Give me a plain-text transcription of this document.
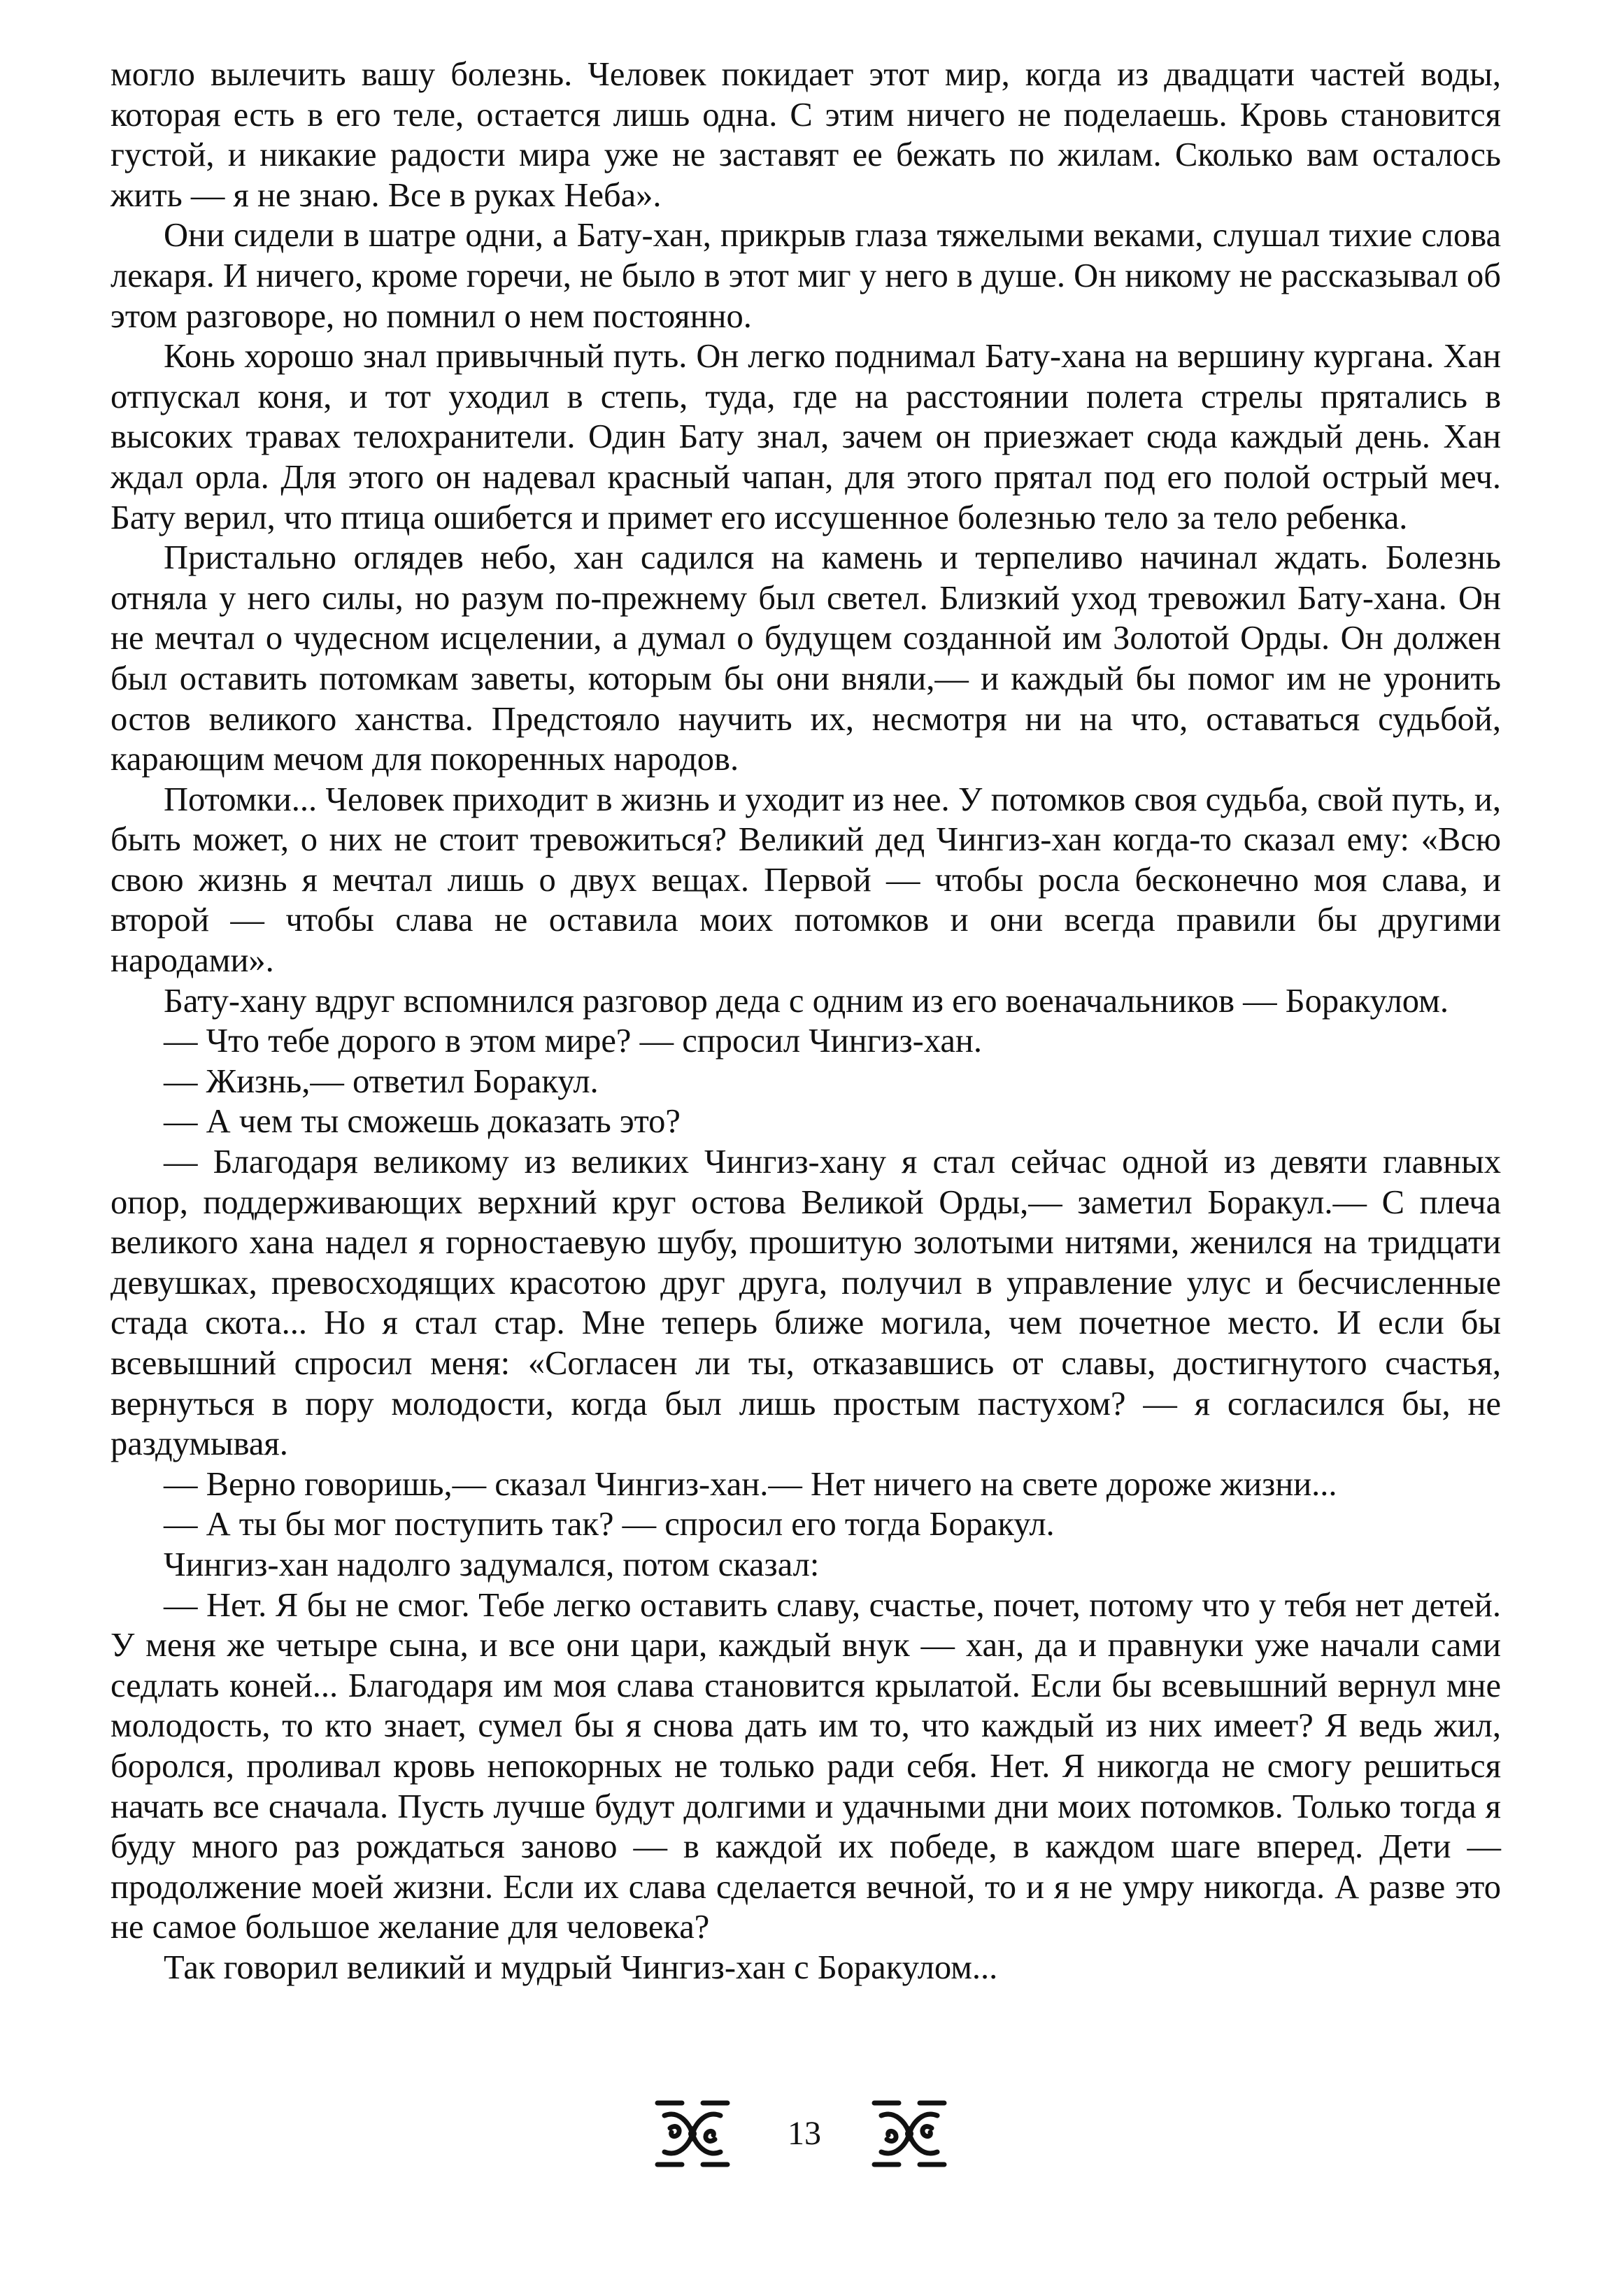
могло вылечить вашу болезнь. Человек покидает этот мир, когда из двадцати частей воды, которая есть в его теле, остается лишь одна. С этим ничего не поделаешь. Кровь становится густой, и никакие радости мира уже не заставят ее бежать по жилам. Сколько вам осталось жить — я не знаю. Все в руках Неба».

Они сидели в шатре одни, а Бату-хан, прикрыв глаза тяжелыми веками, слушал тихие слова лекаря. И ничего, кроме горечи, не было в этот миг у него в душе. Он никому не рассказывал об этом разговоре, но помнил о нем постоянно.

Конь хорошо знал привычный путь. Он легко поднимал Бату-хана на вершину кургана. Хан отпускал коня, и тот уходил в степь, туда, где на расстоянии полета стрелы прятались в высоких травах телохранители. Один Бату знал, зачем он приезжает сюда каждый день. Хан ждал орла. Для этого он надевал красный чапан, для этого прятал под его полой острый меч. Бату верил, что птица ошибется и примет его иссушенное болезнью тело за тело ребенка.

Пристально оглядев небо, хан садился на камень и терпеливо начинал ждать. Болезнь отняла у него силы, но разум по-прежнему был светел. Близкий уход тревожил Бату-хана. Он не мечтал о чудесном исцелении, а думал о будущем созданной им Золотой Орды. Он должен был оставить потомкам заветы, которым бы они вняли,— и каждый бы помог им не уронить остов великого ханства. Предстояло научить их, несмотря ни на что, оставаться судьбой, карающим мечом для покоренных народов.

Потомки... Человек приходит в жизнь и уходит из нее. У потомков своя судьба, свой путь, и, быть может, о них не стоит тревожиться? Великий дед Чингиз-хан когда-то сказал ему: «Всю свою жизнь я мечтал лишь о двух вещах. Первой — чтобы росла бесконечно моя слава, и второй — чтобы слава не оставила моих потомков и они всегда правили бы другими народами».

Бату-хану вдруг вспомнился разговор деда с одним из его военачальников — Боракулом.

— Что тебе дорого в этом мире? — спросил Чингиз-хан.

— Жизнь,— ответил Боракул.

— А чем ты сможешь доказать это?

— Благодаря великому из великих Чингиз-хану я стал сейчас одной из девяти главных опор, поддерживающих верхний круг остова Великой Орды,— заметил Боракул.— С плеча великого хана надел я горностаевую шубу, прошитую золотыми нитями, женился на тридцати девушках, превосходящих красотою друг друга, получил в управление улус и бесчисленные стада скота... Но я стал стар. Мне теперь ближе могила, чем почетное место. И если бы всевышний спросил меня: «Согласен ли ты, отказавшись от славы, достигнутого счастья, вернуться в пору молодости, когда был лишь простым пастухом? — я согласился бы, не раздумывая.

— Верно говоришь,— сказал Чингиз-хан.— Нет ничего на свете дороже жизни...

— А ты бы мог поступить так? — спросил его тогда Боракул.

Чингиз-хан надолго задумался, потом сказал:

— Нет. Я бы не смог. Тебе легко оставить славу, счастье, почет, потому что у тебя нет детей. У меня же четыре сына, и все они цари, каждый внук — хан, да и правнуки уже начали сами седлать коней... Благодаря им моя слава становится крылатой. Если бы всевышний вернул мне молодость, то кто знает, сумел бы я снова дать им то, что каждый из них имеет? Я ведь жил, боролся, проливал кровь непокорных не только ради себя. Нет. Я никогда не смогу решиться начать все сначала. Пусть лучше будут долгими и удачными дни моих потомков. Только тогда я буду много раз рождаться заново — в каждой их победе, в каждом шаге вперед. Дети — продолжение моей жизни. Если их слава сделается вечной, то и я не умру никогда. А разве это не самое большое желание для человека?

Так говорил великий и мудрый Чингиз-хан с Боракулом...

13
